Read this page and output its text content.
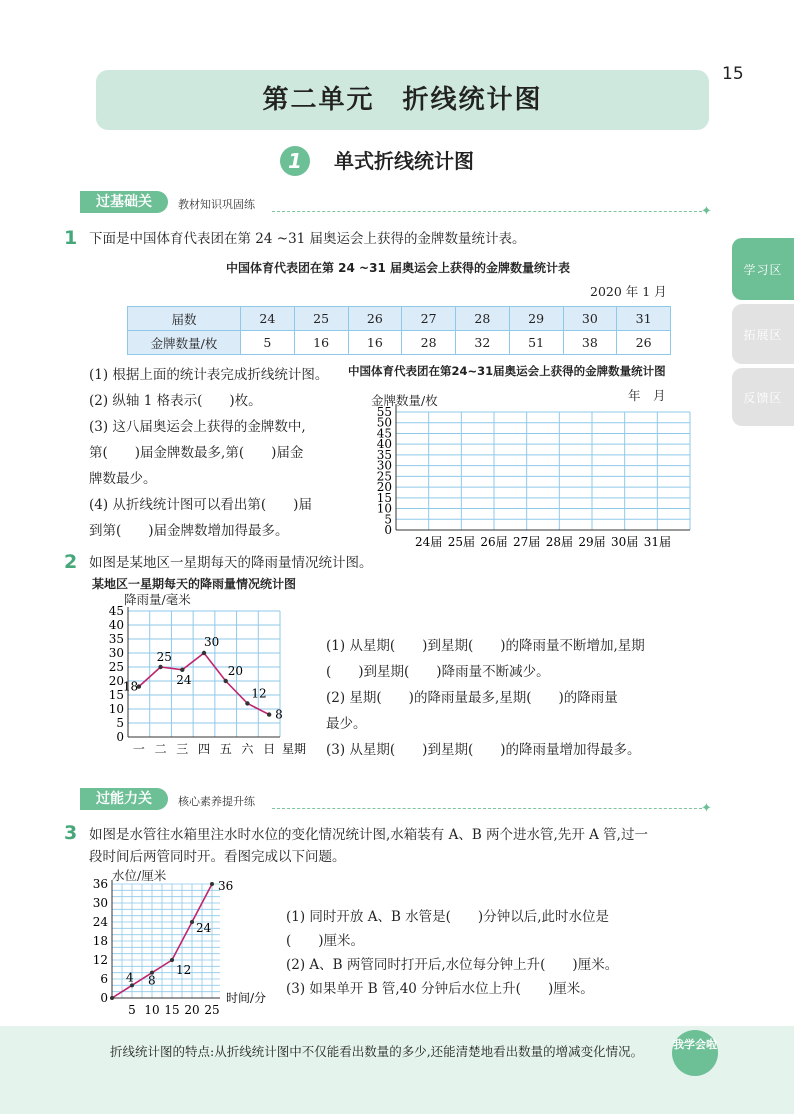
15
第二单元　折线统计图
1	单式折线统计图
过基础关	教材知识巩固练	✦
学习区
拓展区
反馈区
1 下面是中国体育代表团在第 24 ~31 届奥运会上获得的金牌数量统计表。
中国体育代表团在第 24 ~31 届奥运会上获得的金牌数量统计表
2020 年 1 月
届数	24	25	26	27	28	29	30	31
金牌数量/枚	5	16	16	28	32	51	38	26
(1) 根据上面的统计表完成折线统计图。
(2) 纵轴 1 格表示(　　)枚。
(3) 这八届奥运会上获得的金牌数中,
第(　　)届金牌数最多,第(　　)届金
牌数最少。
(4) 从折线统计图可以看出第(　　)届
到第(　　)届金牌数增加得最多。
中国体育代表团在第24~31届奥运会上获得的金牌数量统计图
年　月
金牌数量/枚
0
5
10
15
20
25
30
35
40
45
50
55
24届 25届 26届 27届 28届 29届 30届 31届
2 如图是某地区一星期每天的降雨量情况统计图。
某地区一星期每天的降雨量情况统计图
降雨量/毫米
0
5
10
15
20
25
30
35
40
45
一 二 三 四 五 六 日 星期
18
25
24
30
20
12
8
(1) 从星期(　　)到星期(　　)的降雨量不断增加,星期
(　　)到星期(　　)降雨量不断减少。
(2) 星期(　　)的降雨量最多,星期(　　)的降雨量
最少。
(3) 从星期(　　)到星期(　　)的降雨量增加得最多。
过能力关	核心素养提升练	✦
3 如图是水管往水箱里注水时水位的变化情况统计图,水箱装有 A、B 两个进水管,先开 A 管,过一
段时间后两管同时开。看图完成以下问题。
水位/厘米
0
6
12
18
24
30
36
5 10 15 20 25
时间/分
4 8
12
24
36
(1) 同时开放 A、B 水管是(　　)分钟以后,此时水位是
(　　)厘米。
(2) A、B 两管同时打开后,水位每分钟上升(　　)厘米。
(3) 如果单开 B 管,40 分钟后水位上升(　　)厘米。
折线统计图的特点:从折线统计图中不仅能看出数量的多少,还能清楚地看出数量的增减变化情况。	我学会啦
